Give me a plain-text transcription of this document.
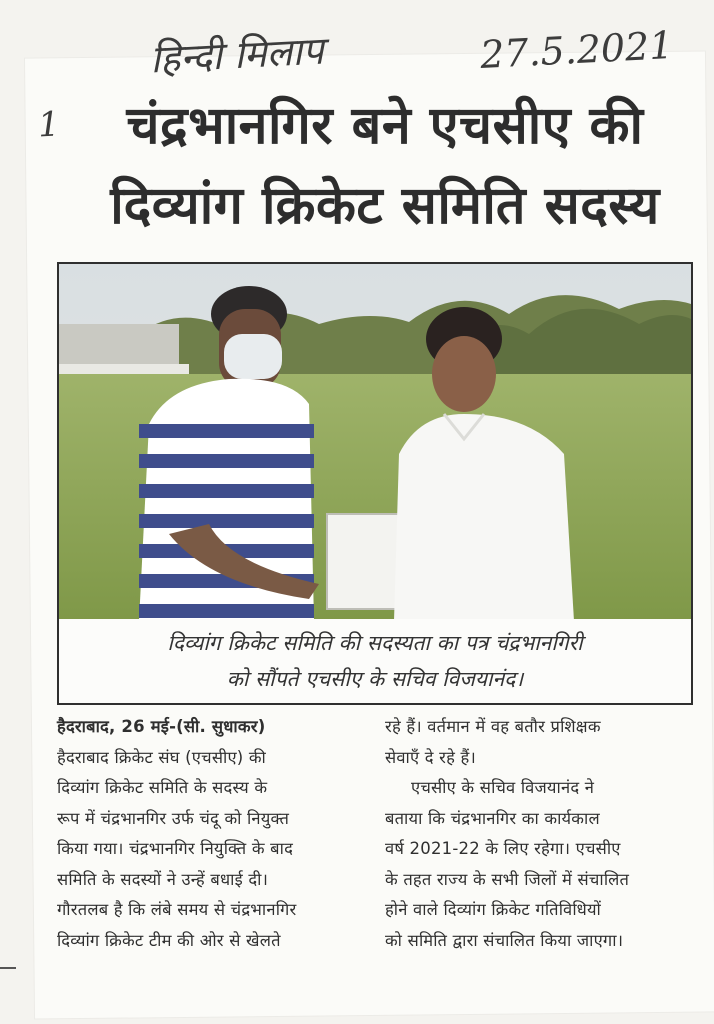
हिन्दी मिलाप	27.5.2021
1	चंद्रभानगिर बने एचसीए की
दिव्यांग क्रिकेट समिति सदस्य
दिव्यांग क्रिकेट समिति की सदस्यता का पत्र चंद्रभानगिरी
को सौंपते एचसीए के सचिव विजयानंद।
हैदराबाद, 26 मई-(सी. सुधाकर)
हैदराबाद क्रिकेट संघ (एचसीए) की
दिव्यांग क्रिकेट समिति के सदस्य के
रूप में चंद्रभानगिर उर्फ चंदू को नियुक्त
किया गया। चंद्रभानगिर नियुक्ति के बाद
समिति के सदस्यों ने उन्हें बधाई दी।
गौरतलब है कि लंबे समय से चंद्रभानगिर
दिव्यांग क्रिकेट टीम की ओर से खेलते
रहे हैं। वर्तमान में वह बतौर प्रशिक्षक
सेवाएँ दे रहे हैं।
एचसीए के सचिव विजयानंद ने
बताया कि चंद्रभानगिर का कार्यकाल
वर्ष 2021-22 के लिए रहेगा। एचसीए
के तहत राज्य के सभी जिलों में संचालित
होने वाले दिव्यांग क्रिकेट गतिविधियों
को समिति द्वारा संचालित किया जाएगा।
